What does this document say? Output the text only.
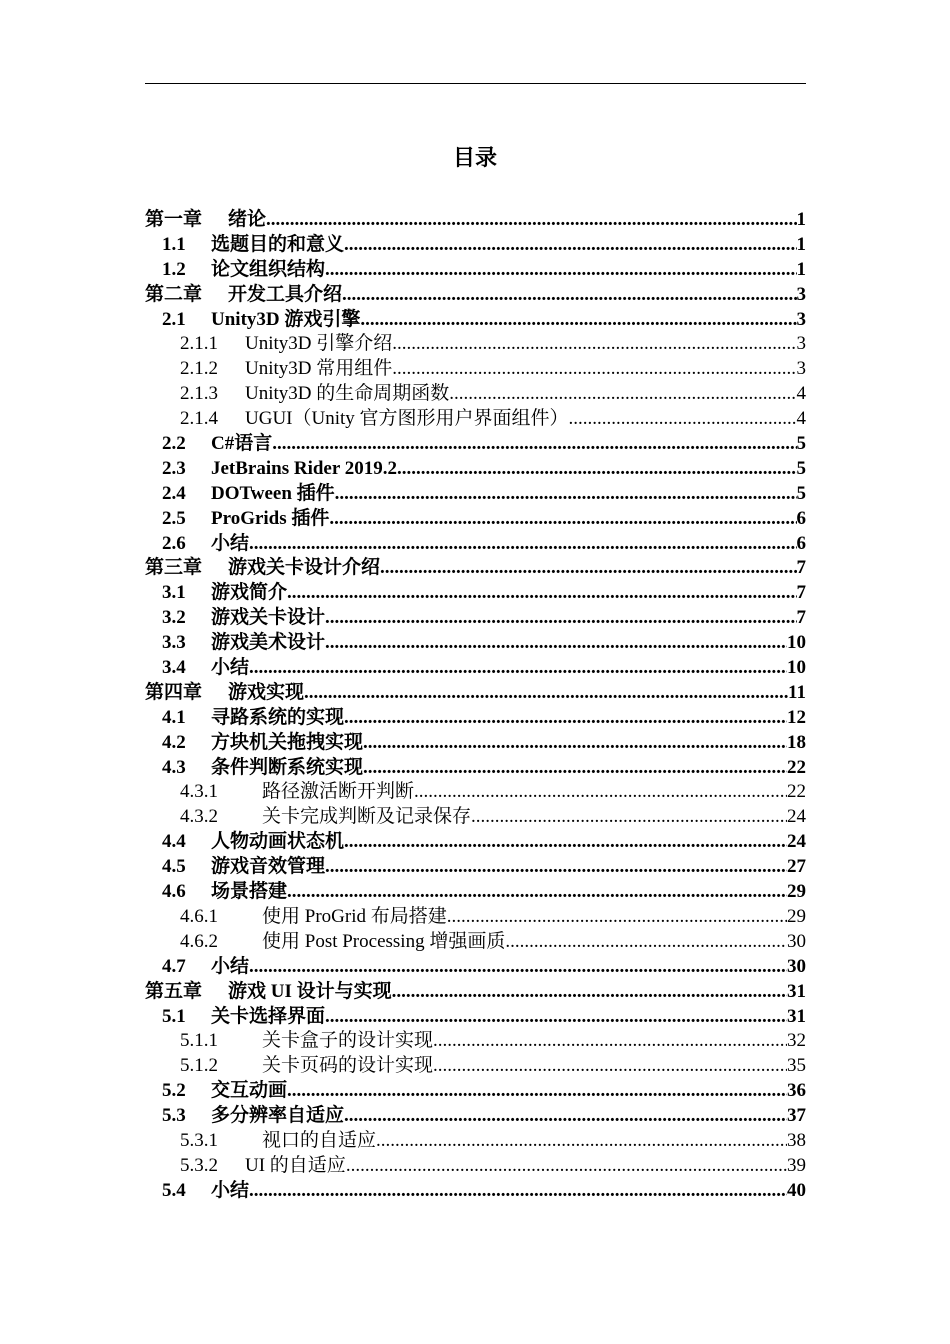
目录
第一章	绪论 .....	1
1.1	选题目的和意义 .....	1
1.2	论文组织结构 .....	1
第二章	开发工具介绍 .....	3
2.1	Unity3D 游戏引擎 .....	3
2.1.1	Unity3D 引擎介绍 .....	3
2.1.2	Unity3D 常用组件 .....	3
2.1.3	Unity3D 的生命周期函数 .....	4
2.1.4	UGUI（Unity 官方图形用户界面组件） .....	4
2.2	C#语言 .....	5
2.3	JetBrains Rider 2019.2 .....	5
2.4	DOTween 插件 .....	5
2.5	ProGrids 插件 .....	6
2.6	小结 .....	6
第三章	游戏关卡设计介绍 .....	7
3.1	游戏简介 .....	7
3.2	游戏关卡设计 .....	7
3.3	游戏美术设计 .....	10
3.4	小结 .....	10
第四章	游戏实现 .....	11
4.1	寻路系统的实现 .....	12
4.2	方块机关拖拽实现 .....	18
4.3	条件判断系统实现 .....	22
4.3.1	路径激活断开判断 .....	22
4.3.2	关卡完成判断及记录保存 .....	24
4.4	人物动画状态机 .....	24
4.5	游戏音效管理 .....	27
4.6	场景搭建 .....	29
4.6.1	使用 ProGrid 布局搭建 .....	29
4.6.2	使用 Post Processing 增强画质 .....	30
4.7	小结 .....	30
第五章	游戏 UI 设计与实现 .....	31
5.1	关卡选择界面 .....	31
5.1.1	关卡盒子的设计实现 .....	32
5.1.2	关卡页码的设计实现 .....	35
5.2	交互动画 .....	36
5.3	多分辨率自适应 .....	37
5.3.1	视口的自适应 .....	38
5.3.2	UI 的自适应 .....	39
5.4	小结 .....	40
